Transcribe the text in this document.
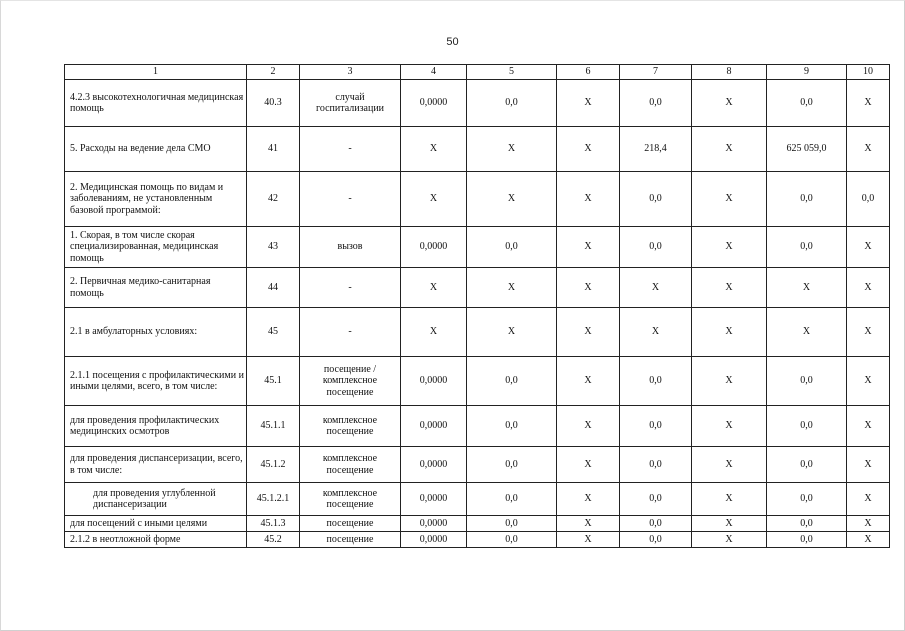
50
1	2	3	4	5	6	7	8	9	10
4.2.3 высокотехнологичная медицинская помощь	40.3	случай госпитализации	0,0000	0,0	X	0,0	X	0,0	X
5. Расходы на ведение дела СМО	41	-	X	X	X	218,4	X	625 059,0	X
2. Медицинская помощь по видам и заболеваниям, не установленным базовой программой:	42	-	X	X	X	0,0	X	0,0	0,0
1. Скорая, в том числе скорая специализированная, медицинская помощь	43	вызов	0,0000	0,0	X	0,0	X	0,0	X
2. Первичная медико-санитарная помощь	44	-	X	X	X	X	X	X	X
2.1 в амбулаторных условиях:	45	-	X	X	X	X	X	X	X
2.1.1 посещения с профилактическими и иными целями, всего, в том числе:	45.1	посещение / комплексное посещение	0,0000	0,0	X	0,0	X	0,0	X
для проведения профилактических медицинских осмотров	45.1.1	комплексное посещение	0,0000	0,0	X	0,0	X	0,0	X
для проведения диспансеризации, всего, в том числе:	45.1.2	комплексное посещение	0,0000	0,0	X	0,0	X	0,0	X
для проведения углубленной диспансеризации	45.1.2.1	комплексное посещение	0,0000	0,0	X	0,0	X	0,0	X
для посещений с иными целями	45.1.3	посещение	0,0000	0,0	X	0,0	X	0,0	X
2.1.2 в неотложной форме	45.2	посещение	0,0000	0,0	X	0,0	X	0,0	X
